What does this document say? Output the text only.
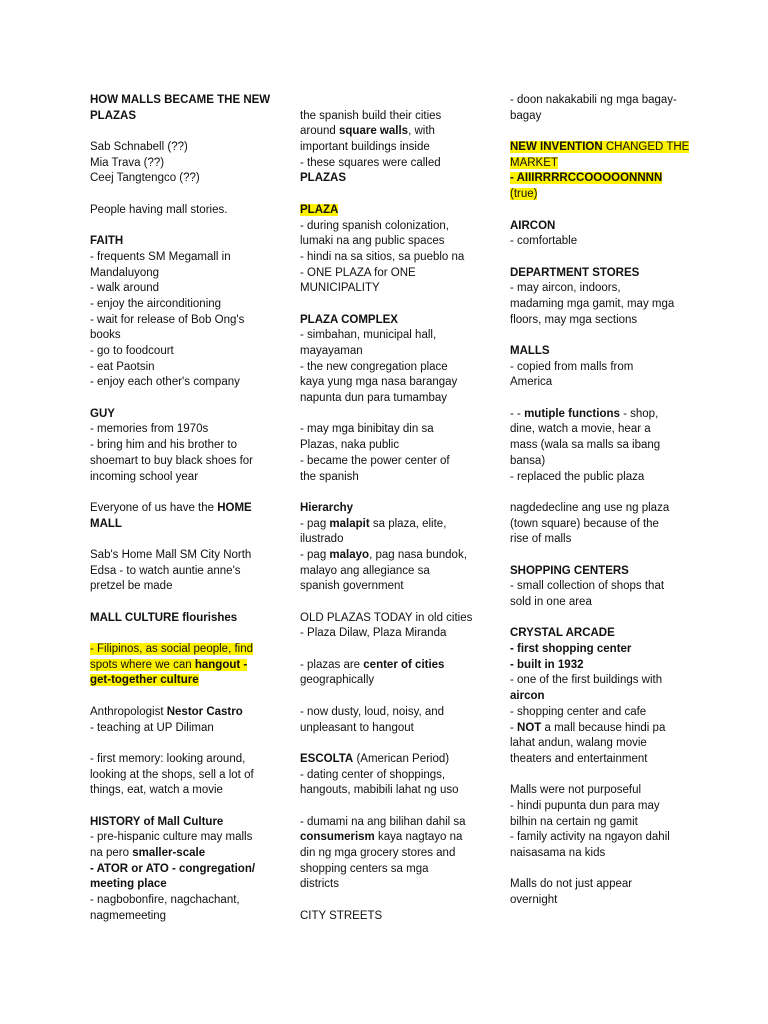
HOW MALLS BECAME THE NEW
PLAZAS
Sab Schnabell (??)
Mia Trava (??)
Ceej Tangtengco (??)
People having mall stories.
FAITH
- frequents SM Megamall in
Mandaluyong
- walk around
- enjoy the airconditioning
- wait for release of Bob Ong's
books
- go to foodcourt
- eat Paotsin
- enjoy each other's company
GUY
- memories from 1970s
- bring him and his brother to
shoemart to buy black shoes for
incoming school year
Everyone of us have the HOME
MALL
Sab's Home Mall SM City North
Edsa - to watch auntie anne's
pretzel be made
MALL CULTURE flourishes
- Filipinos, as social people, find
spots where we can hangout -
get-together culture
Anthropologist Nestor Castro
- teaching at UP Diliman
- first memory: looking around,
looking at the shops, sell a lot of
things, eat, watch a movie
HISTORY of Mall Culture
- pre-hispanic culture may malls
na pero smaller-scale
- ATOR or ATO - congregation/
meeting place
- nagbobonfire, nagchachant,
nagmemeeting
the spanish build their cities
around square walls, with
important buildings inside
- these squares were called
PLAZAS
PLAZA
- during spanish colonization,
lumaki na ang public spaces
- hindi na sa sitios, sa pueblo na
- ONE PLAZA for ONE
MUNICIPALITY
PLAZA COMPLEX
- simbahan, municipal hall,
mayayaman
- the new congregation place
kaya yung mga nasa barangay
napunta dun para tumambay
- may mga binibitay din sa
Plazas, naka public
- became the power center of
the spanish
Hierarchy
- pag malapit sa plaza, elite,
ilustrado
- pag malayo, pag nasa bundok,
malayo ang allegiance sa
spanish government
OLD PLAZAS TODAY in old cities
- Plaza Dilaw, Plaza Miranda
- plazas are center of cities
geographically
- now dusty, loud, noisy, and
unpleasant to hangout
ESCOLTA (American Period)
- dating center of shoppings,
hangouts, mabibili lahat ng uso
- dumami na ang bilihan dahil sa
consumerism kaya nagtayo na
din ng mga grocery stores and
shopping centers sa mga
districts
CITY STREETS
- doon nakakabili ng mga bagay-
bagay
NEW INVENTION CHANGED THE
MARKET
- AIIIRRRRCCOOOOONNNN
(true)
AIRCON
- comfortable
DEPARTMENT STORES
- may aircon, indoors,
madaming mga gamit, may mga
floors, may mga sections
MALLS
- copied from malls from
America
- - mutiple functions - shop,
dine, watch a movie, hear a
mass (wala sa malls sa ibang
bansa)
- replaced the public plaza
nagdedecline ang use ng plaza
(town square) because of the
rise of malls
SHOPPING CENTERS
- small collection of shops that
sold in one area
CRYSTAL ARCADE
- first shopping center
- built in 1932
- one of the first buildings with
aircon
- shopping center and cafe
- NOT a mall because hindi pa
lahat andun, walang movie
theaters and entertainment
Malls were not purposeful
- hindi pupunta dun para may
bilhin na certain ng gamit
- family activity na ngayon dahil
naisasama na kids
Malls do not just appear
overnight
